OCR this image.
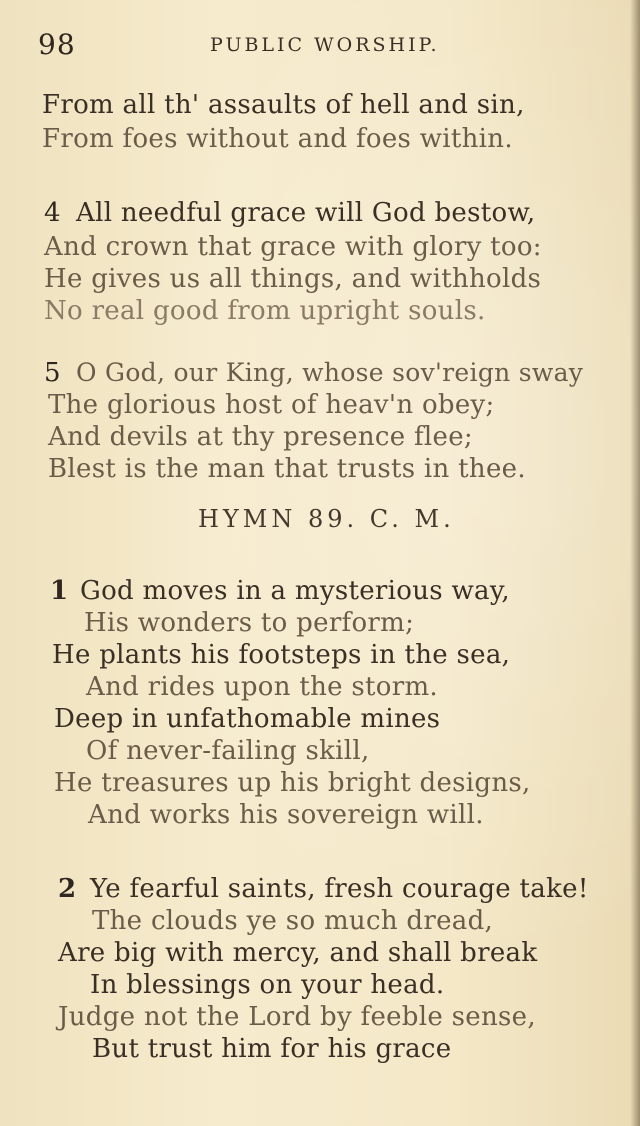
98	PUBLIC WORSHIP.
From all th' assaults of hell and sin,
From foes without and foes within.
4 All needful grace will God bestow,
And crown that grace with glory too:
He gives us all things, and withholds
No real good from upright souls.
5 O God, our King, whose sov'reign sway
The glorious host of heav'n obey;
And devils at thy presence flee;
Blest is the man that trusts in thee.
HYMN 89. C. M.
1 God moves in a mysterious way,
His wonders to perform;
He plants his footsteps in the sea,
And rides upon the storm.
Deep in unfathomable mines
Of never-failing skill,
He treasures up his bright designs,
And works his sovereign will.
2 Ye fearful saints, fresh courage take!
The clouds ye so much dread,
Are big with mercy, and shall break
In blessings on your head.
Judge not the Lord by feeble sense,
But trust him for his grace
